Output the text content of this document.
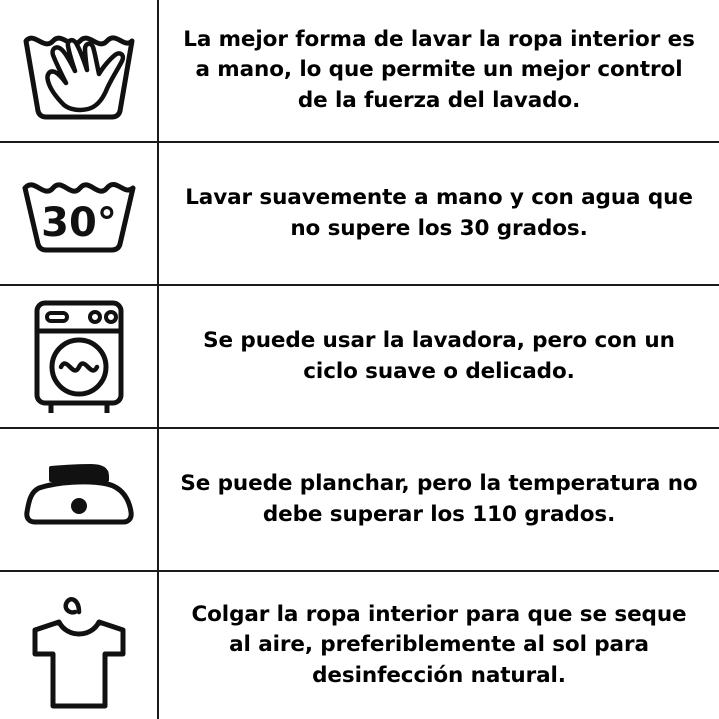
La mejor forma de lavar la ropa interior es a mano, lo que permite un mejor control de la fuerza del lavado.
30°
Lavar suavemente a mano y con agua que no supere los 30 grados.
Se puede usar la lavadora, pero con un ciclo suave o delicado.
Se puede planchar, pero la temperatura no debe superar los 110 grados.
Colgar la ropa interior para que se seque al aire, preferiblemente al sol para desinfección natural.
